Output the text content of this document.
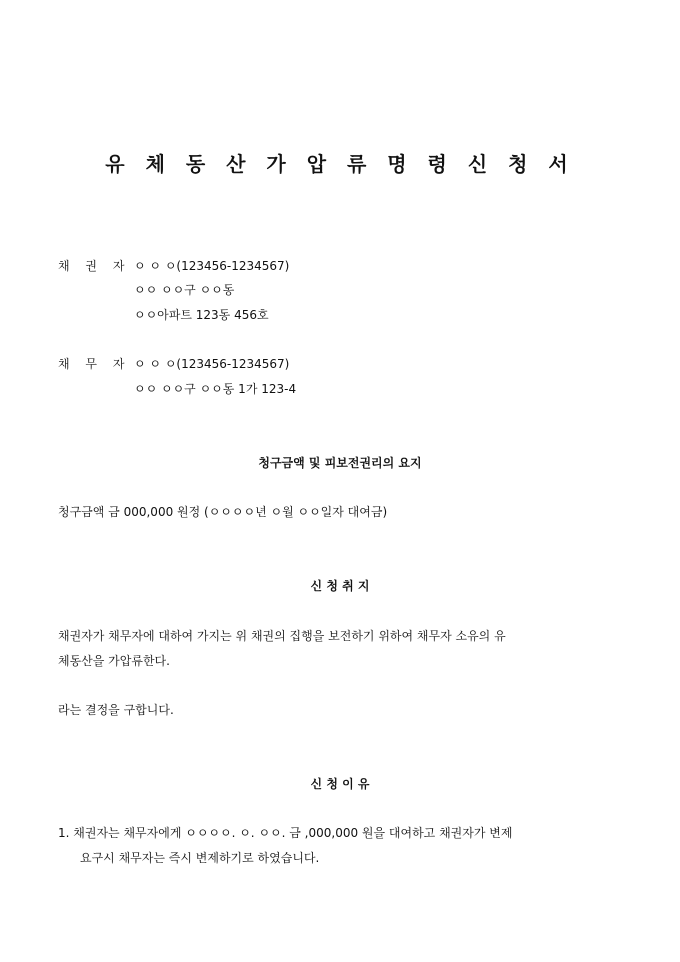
유 체 동 산 가 압 류 명 령 신 청 서
채 권 자 ㅇ ㅇ ㅇ(123456-1234567)
ㅇㅇ ㅇㅇ구 ㅇㅇ동
ㅇㅇ아파트 123동 456호
채 무 자 ㅇ ㅇ ㅇ(123456-1234567)
ㅇㅇ ㅇㅇ구 ㅇㅇ동 1가 123-4
청구금액 및 피보전권리의 요지
청구금액 금 000,000 원정 (ㅇㅇㅇㅇ년 ㅇ월 ㅇㅇ일자 대여금)
신 청 취 지
채권자가 채무자에 대하여 가지는 위 채권의 집행을 보전하기 위하여 채무자 소유의 유
체동산을 가압류한다.
라는 결정을 구합니다.
신 청 이 유
1. 채권자는 채무자에게 ㅇㅇㅇㅇ. ㅇ. ㅇㅇ. 금 ,000,000 원을 대여하고 채권자가 변제
요구시 채무자는 즉시 변제하기로 하였습니다.
